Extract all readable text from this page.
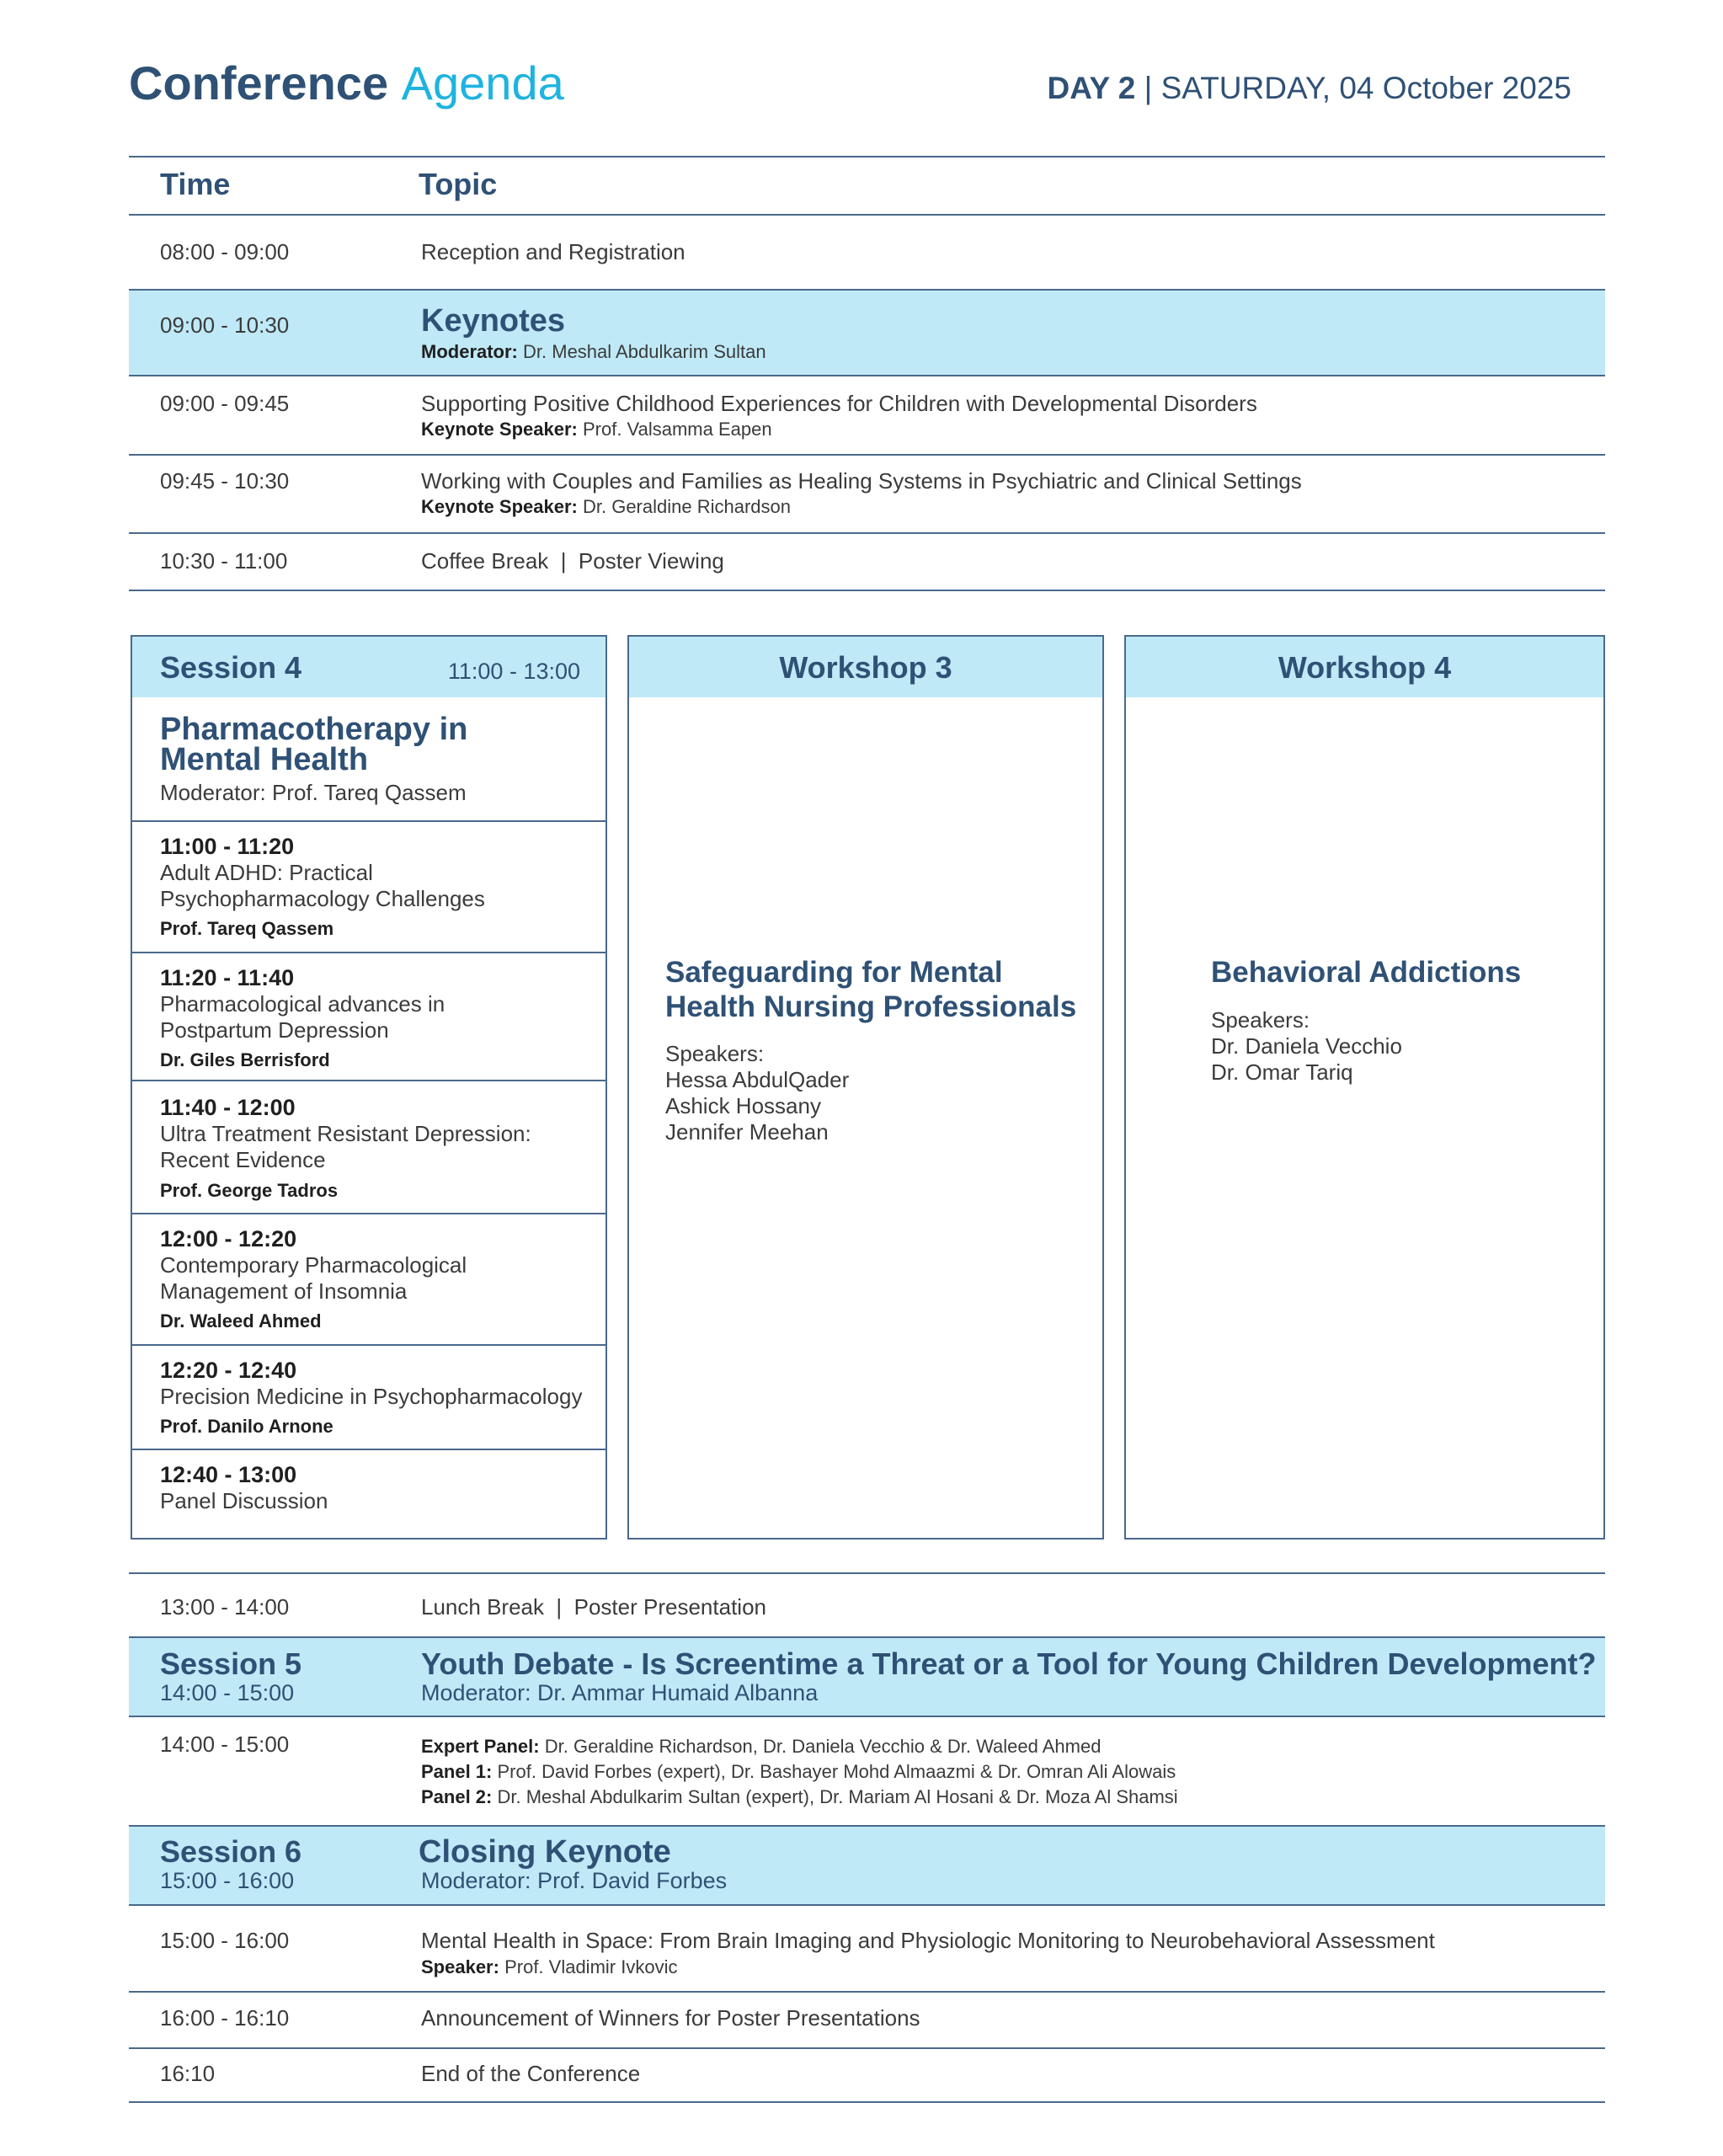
Conference Agenda	DAY 2 | SATURDAY, 04 October 2025
Time	Topic
08:00 - 09:00	Reception and Registration
09:00 - 10:30	Keynotes
Moderator: Dr. Meshal Abdulkarim Sultan
09:00 - 09:45	Supporting Positive Childhood Experiences for Children with Developmental Disorders
Keynote Speaker: Prof. Valsamma Eapen
09:45 - 10:30	Working with Couples and Families as Healing Systems in Psychiatric and Clinical Settings
Keynote Speaker: Dr. Geraldine Richardson
10:30 - 11:00	Coffee Break  |  Poster Viewing
Session 4	11:00 - 13:00
Pharmacotherapy in
Mental Health
Moderator: Prof. Tareq Qassem
11:00 - 11:20
Adult ADHD: Practical
Psychopharmacology Challenges
Prof. Tareq Qassem
11:20 - 11:40
Pharmacological advances in
Postpartum Depression
Dr. Giles Berrisford
11:40 - 12:00
Ultra Treatment Resistant Depression:
Recent Evidence
Prof. George Tadros
12:00 - 12:20
Contemporary Pharmacological
Management of Insomnia
Dr. Waleed Ahmed
12:20 - 12:40
Precision Medicine in Psychopharmacology
Prof. Danilo Arnone
12:40 - 13:00
Panel Discussion
Workshop 3
Safeguarding for Mental
Health Nursing Professionals
Speakers:
Hessa AbdulQader
Ashick Hossany
Jennifer Meehan
Workshop 4
Behavioral Addictions
Speakers:
Dr. Daniela Vecchio
Dr. Omar Tariq
13:00 - 14:00	Lunch Break  |  Poster Presentation
Session 5
14:00 - 15:00
Youth Debate - Is Screentime a Threat or a Tool for Young Children Development?
Moderator: Dr. Ammar Humaid Albanna
14:00 - 15:00	Expert Panel: Dr. Geraldine Richardson, Dr. Daniela Vecchio & Dr. Waleed Ahmed
Panel 1: Prof. David Forbes (expert), Dr. Bashayer Mohd Almaazmi & Dr. Omran Ali Alowais
Panel 2: Dr. Meshal Abdulkarim Sultan (expert), Dr. Mariam Al Hosani & Dr. Moza Al Shamsi
Session 6
15:00 - 16:00
Closing Keynote
Moderator: Prof. David Forbes
15:00 - 16:00	Mental Health in Space: From Brain Imaging and Physiologic Monitoring to Neurobehavioral Assessment
Speaker: Prof. Vladimir Ivkovic
16:00 - 16:10	Announcement of Winners for Poster Presentations
16:10	End of the Conference
